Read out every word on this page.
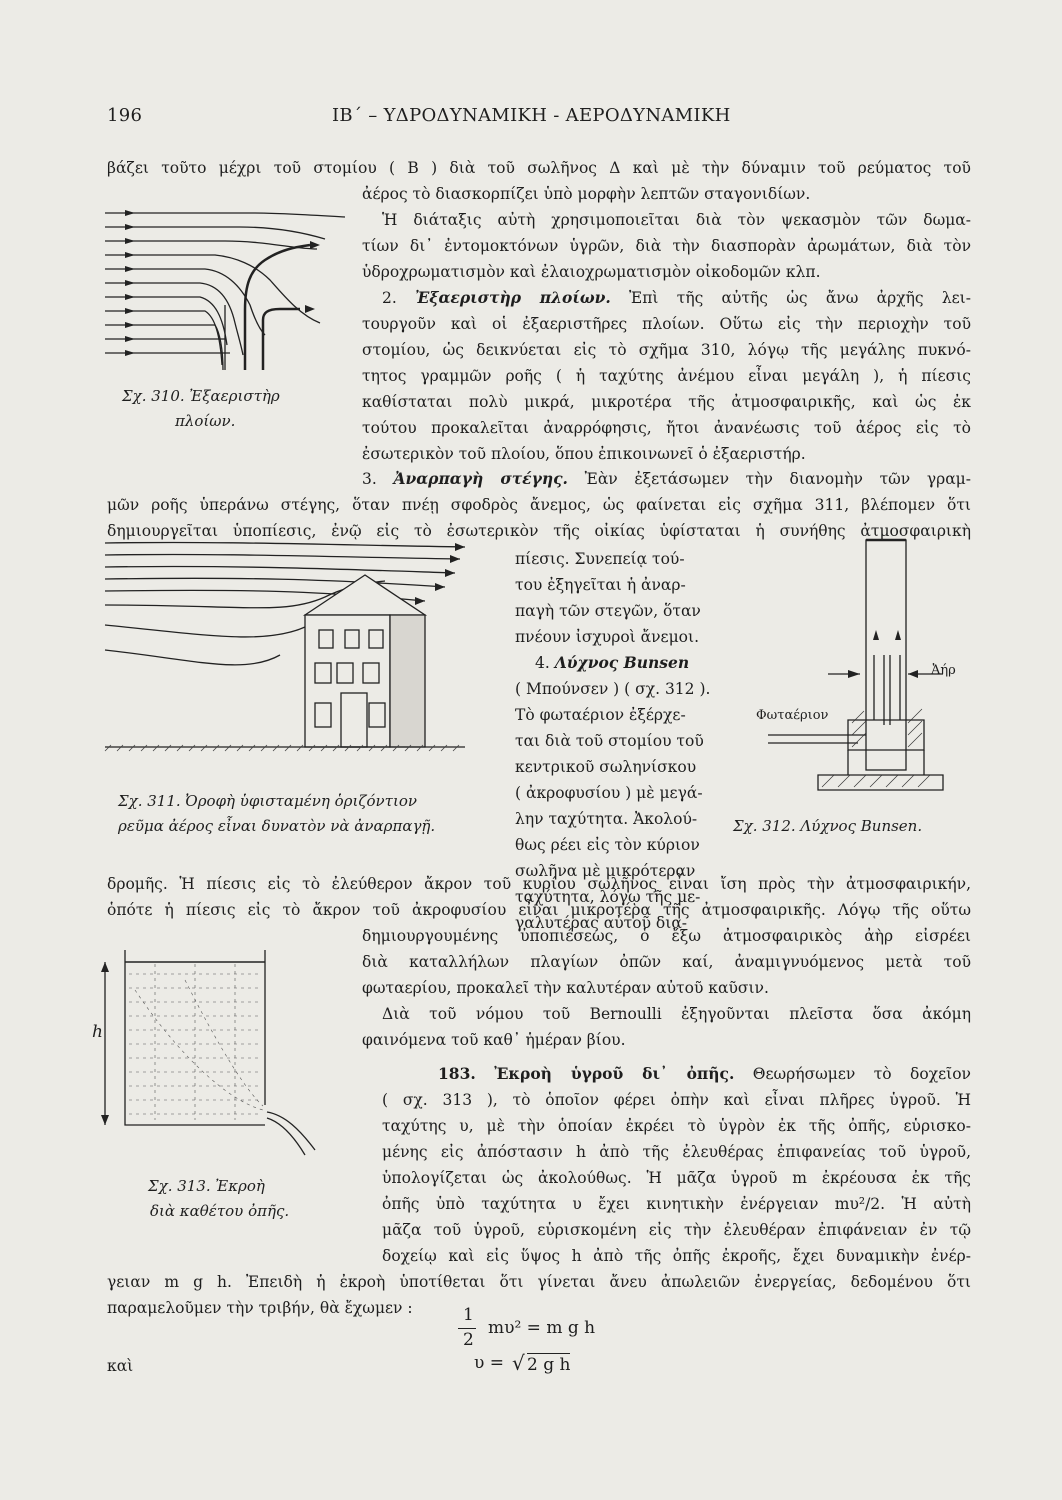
196	ΙΒ΄ – ΥΔΡΟΔΥΝΑΜΙΚΗ - ΑΕΡΟΔΥΝΑΜΙΚΗ
βάζει τοῦτο μέχρι τοῦ στομίου ( Β ) διὰ τοῦ σωλῆνος Δ καὶ μὲ τὴν δύναμιν τοῦ ρεύματος τοῦ
ἀέρος τὸ διασκορπίζει ὑπὸ μορφὴν λεπτῶν σταγονιδίων.
Ἡ διάταξις αὐτὴ χρησιμοποιεῖται διὰ τὸν ψεκασμὸν τῶν δωμα-
τίων δι᾽ ἐντομοκτόνων ὑγρῶν, διὰ τὴν διασπορὰν ἀρωμάτων, διὰ τὸν
ὑδροχρωματισμὸν καὶ ἐλαιοχρωματισμὸν οἰκοδομῶν κλπ.
2. Ἐξαεριστὴρ πλοίων. Ἐπὶ τῆς αὐτῆς ὡς ἄνω ἀρχῆς λει-
τουργοῦν καὶ οἱ ἐξαεριστῆρες πλοίων. Οὕτω εἰς τὴν περιοχὴν τοῦ
στομίου, ὡς δεικνύεται εἰς τὸ σχῆμα 310, λόγῳ τῆς μεγάλης πυκνό-
τητος γραμμῶν ροῆς ( ἡ ταχύτης ἀνέμου εἶναι μεγάλη ), ἡ πίεσις
καθίσταται πολὺ μικρά, μικροτέρα τῆς ἀτμοσφαιρικῆς, καὶ ὡς ἐκ
τούτου προκαλεῖται ἀναρρόφησις, ἤτοι ἀνανέωσις τοῦ ἀέρος εἰς τὸ
ἐσωτερικὸν τοῦ πλοίου, ὅπου ἐπικοινωνεῖ ὁ ἐξαεριστήρ.
Σχ. 310. Ἐξαεριστὴρ
πλοίων.
3. Ἀναρπαγὴ στέγης. Ἐὰν ἐξετάσωμεν τὴν διανομὴν τῶν γραμ-
μῶν ροῆς ὑπεράνω στέγης, ὅταν πνέῃ σφοδρὸς ἄνεμος, ὡς φαίνεται εἰς σχῆμα 311, βλέπομεν ὅτι
δημιουργεῖται ὑποπίεσις, ἐνῷ εἰς τὸ ἐσωτερικὸν τῆς οἰκίας ὑφίσταται ἡ συνήθης ἀτμοσφαιρικὴ
πίεσις. Συνεπείᾳ τού-
του ἐξηγεῖται ἡ ἀναρ-
παγὴ τῶν στεγῶν, ὅταν
πνέουν ἰσχυροὶ ἄνεμοι.
4. Λύχνος Bunsen
( Μπούνσεν ) ( σχ. 312 ).
Τὸ φωταέριον ἐξέρχε-
ται διὰ τοῦ στομίου τοῦ
κεντρικοῦ σωληνίσκου
( ἀκροφυσίου ) μὲ μεγά-
λην ταχύτητα. Ἀκολού-
θως ρέει εἰς τὸν κύριον
σωλῆνα μὲ μικρότεραν
ταχύτητα, λόγῳ τῆς με-
γαλυτέρας αὐτοῦ δια-
Σχ. 311. Ὀροφὴ ὑφισταμένη ὁριζόντιον
ρεῦμα ἀέρος εἶναι δυνατὸν νὰ ἀναρπαγῇ.
Ἀήρ
Φωταέριον
Σχ. 312. Λύχνος Bunsen.
δρομῆς. Ἡ πίεσις εἰς τὸ ἐλεύθερον ἄκρον τοῦ κυρίου σωλῆνος εἶναι ἴση πρὸς τὴν ἀτμοσφαιρικήν,
ὁπότε ἡ πίεσις εἰς τὸ ἄκρον τοῦ ἀκροφυσίου εἶναι μικροτέρα τῆς ἀτμοσφαιρικῆς. Λόγῳ τῆς οὕτω
δημιουργουμένης ὑποπιέσεως, ὁ ἔξω ἀτμοσφαιρικὸς ἀὴρ εἰσρέει
διὰ καταλλήλων πλαγίων ὀπῶν καί, ἀναμιγνυόμενος μετὰ τοῦ
φωταερίου, προκαλεῖ τὴν καλυτέραν αὐτοῦ καῦσιν.
Διὰ τοῦ νόμου τοῦ Bernoulli ἐξηγοῦνται πλεῖστα ὅσα ἀκόμη
φαινόμενα τοῦ καθ᾽ ἡμέραν βίου.
h
Σχ. 313. Ἐκροὴ
διὰ καθέτου ὀπῆς.
183. Ἐκροὴ ὑγροῦ δι᾽ ὀπῆς. Θεωρήσωμεν τὸ δοχεῖον
( σχ. 313 ), τὸ ὁποῖον φέρει ὀπὴν καὶ εἶναι πλῆρες ὑγροῦ. Ἡ
ταχύτης υ, μὲ τὴν ὁποίαν ἐκρέει τὸ ὑγρὸν ἐκ τῆς ὀπῆς, εὑρισκο-
μένης εἰς ἀπόστασιν h ἀπὸ τῆς ἐλευθέρας ἐπιφανείας τοῦ ὑγροῦ,
ὑπολογίζεται ὡς ἀκολούθως. Ἡ μᾶζα ὑγροῦ m ἐκρέουσα ἐκ τῆς
ὀπῆς ὑπὸ ταχύτητα υ ἔχει κινητικὴν ἐνέργειαν mυ²/2. Ἡ αὐτὴ
μᾶζα τοῦ ὑγροῦ, εὑρισκομένη εἰς τὴν ἐλευθέραν ἐπιφάνειαν ἐν τῷ
δοχείῳ καὶ εἰς ὕψος h ἀπὸ τῆς ὀπῆς ἐκροῆς, ἔχει δυναμικὴν ἐνέρ-
γειαν m g h. Ἐπειδὴ ἡ ἐκροὴ ὑποτίθεται ὅτι γίνεται ἄνευ ἀπωλειῶν ἐνεργείας, δεδομένου ὅτι
παραμελοῦμεν τὴν τριβήν, θὰ ἔχωμεν :	1
2
mυ² = m g h
καὶ	υ = √ 2 g h
